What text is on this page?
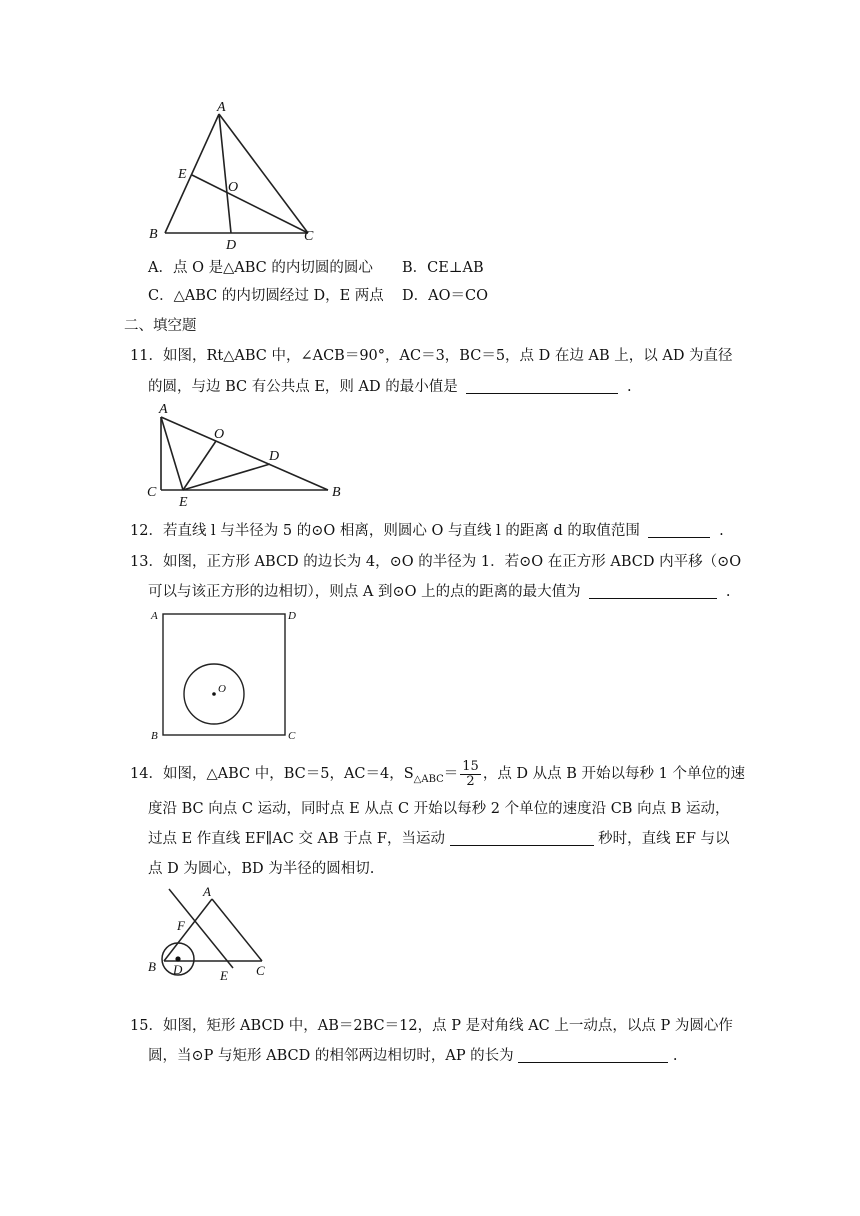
A
E
O
B
D
C
A．点 O 是△ABC 的内切圆的圆心 B．CE⊥AB
C．△ABC 的内切圆经过 D，E 两点 D．AO＝CO
二、填空题
11．如图，Rt△ABC 中，∠ACB＝90°，AC＝3，BC＝5，点 D 在边 AB 上，以 AD 为直径
的圆，与边 BC 有公共点 E，则 AD 的最小值是	.
A
O
D
C
E
B
12．若直线 l 与半径为 5 的⊙O 相离，则圆心 O 与直线 l 的距离 d 的取值范围	.
13．如图，正方形 ABCD 的边长为 4，⊙O 的半径为 1．若⊙O 在正方形 ABCD 内平移（⊙O
可以与该正方形的边相切），则点 A 到⊙O 上的点的距离的最大值为	.
A	D
B	C
O
14．如图，△ABC 中，BC＝5，AC＝4，$S_{\triangle ABC}= \frac{15}{2}$ ，点 D 从点 B 开始以每秒 1 个单位的速
度沿 BC 向点 C 运动，同时点 E 从点 C 开始以每秒 2 个单位的速度沿 CB 向点 B 运动，
过点 E 作直线 EF∥AC 交 AB 于点 F，当运动	秒时，直线 EF 与以
点 D 为圆心，BD 为半径的圆相切.
A
F
B D	E C
15．如图，矩形 ABCD 中，AB＝2BC＝12，点 P 是对角线 AC 上一动点，以点 P 为圆心作
圆，当⊙P 与矩形 ABCD 的相邻两边相切时，AP 的长为	.
